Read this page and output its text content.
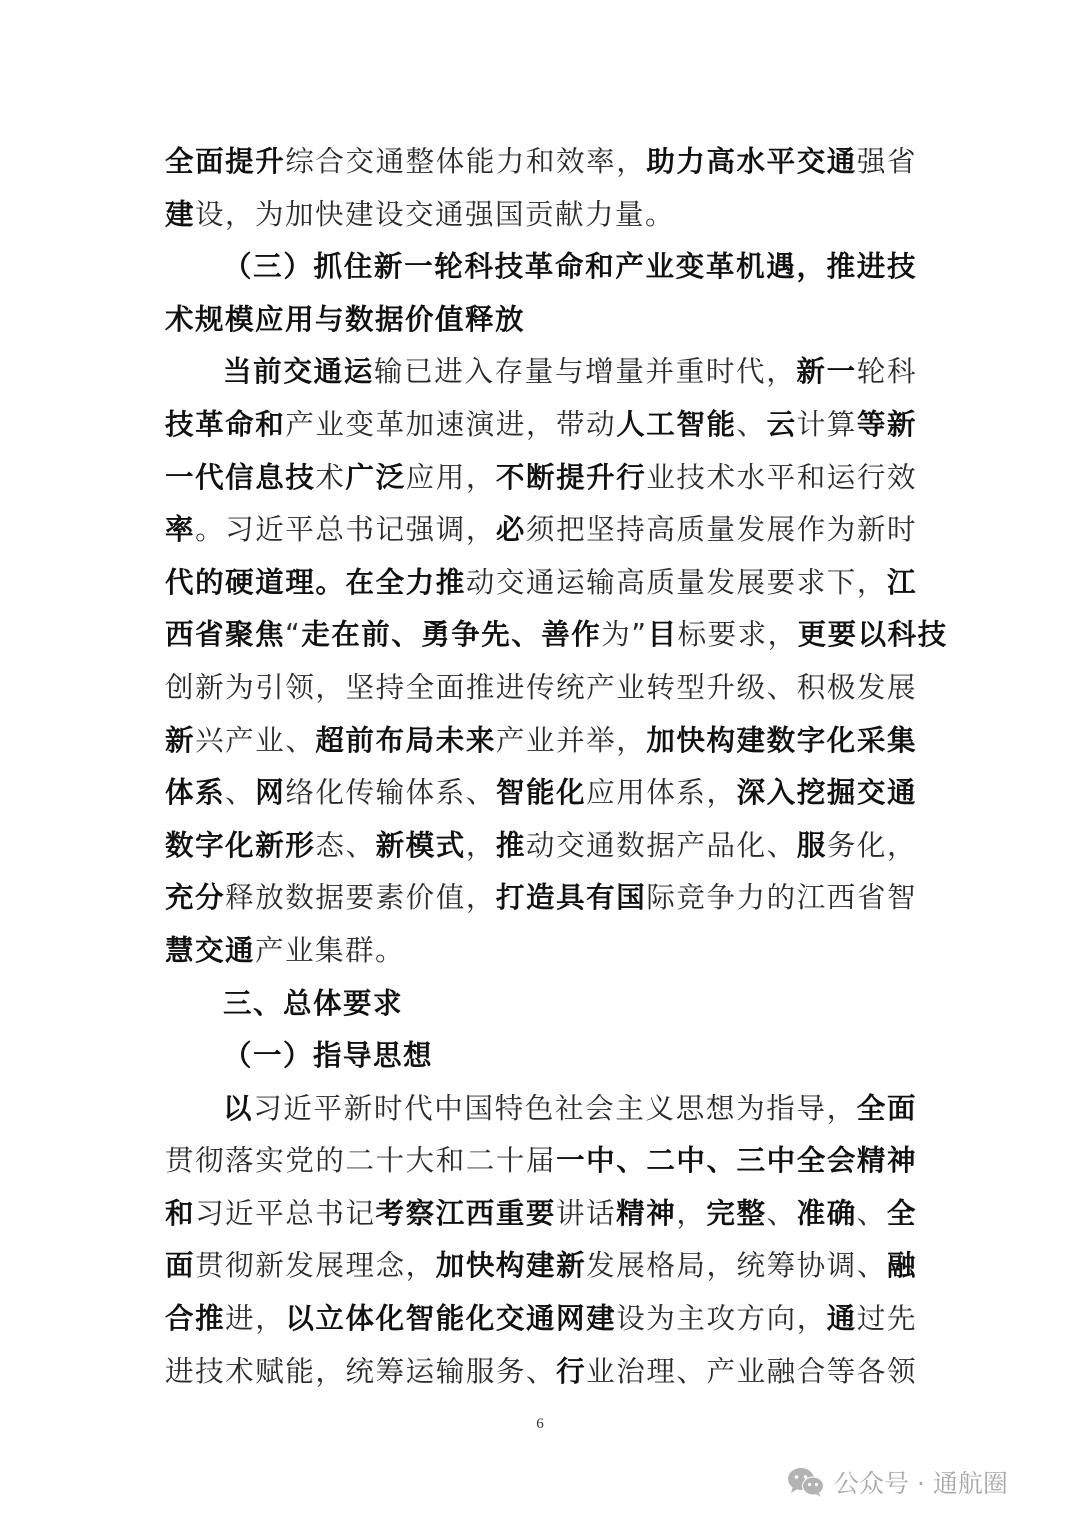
全面提升综合交通整体能力和效率，助力高水平交通强省
建设，为加快建设交通强国贡献力量。
（三）抓住新一轮科技革命和产业变革机遇，推进技
术规模应用与数据价值释放
当前交通运输已进入存量与增量并重时代，新一轮科
技革命和产业变革加速演进，带动人工智能、云计算等新
一代信息技术广泛应用，不断提升行业技术水平和运行效
率。习近平总书记强调，必须把坚持高质量发展作为新时
代的硬道理。在全力推动交通运输高质量发展要求下，江
西省聚焦“走在前、勇争先、善作为”目标要求，更要以科技
创新为引领，坚持全面推进传统产业转型升级、积极发展
新兴产业、超前布局未来产业并举，加快构建数字化采集
体系、网络化传输体系、智能化应用体系，深入挖掘交通
数字化新形态、新模式，推动交通数据产品化、服务化，
充分释放数据要素价值，打造具有国际竞争力的江西省智
慧交通产业集群。
三、总体要求
（一）指导思想
以习近平新时代中国特色社会主义思想为指导，全面
贯彻落实党的二十大和二十届一中、二中、三中全会精神
和习近平总书记考察江西重要讲话精神，完整、准确、全
面贯彻新发展理念，加快构建新发展格局，统筹协调、融
合推进，以立体化智能化交通网建设为主攻方向，通过先
进技术赋能，统筹运输服务、行业治理、产业融合等各领
6
公众号 · 通航圈
